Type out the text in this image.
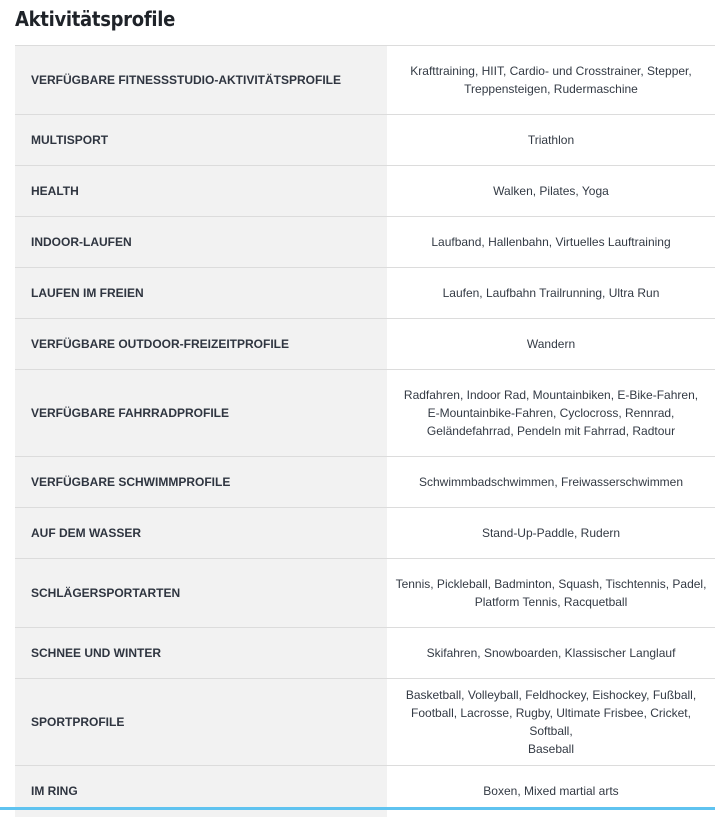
Aktivitätsprofile
VERFÜGBARE FITNESSSTUDIO-AKTIVITÄTSPROFILE	Krafttraining, HIIT, Cardio- und Crosstrainer, Stepper,
Treppensteigen, Rudermaschine

MULTISPORT	Triathlon

HEALTH	Walken, Pilates, Yoga

INDOOR-LAUFEN	Laufband, Hallenbahn, Virtuelles Lauftraining

LAUFEN IM FREIEN	Laufen, Laufbahn Trailrunning, Ultra Run

VERFÜGBARE OUTDOOR-FREIZEITPROFILE	Wandern

VERFÜGBARE FAHRRADPROFILE	Radfahren, Indoor Rad, Mountainbiken, E-Bike-Fahren,
E-Mountainbike-Fahren, Cyclocross, Rennrad,
Geländefahrrad, Pendeln mit Fahrrad, Radtour

VERFÜGBARE SCHWIMMPROFILE	Schwimmbadschwimmen, Freiwasserschwimmen

AUF DEM WASSER	Stand-Up-Paddle, Rudern

SCHLÄGERSPORTARTEN	Tennis, Pickleball, Badminton, Squash, Tischtennis, Padel,
Platform Tennis, Racquetball

SCHNEE UND WINTER	Skifahren, Snowboarden, Klassischer Langlauf

SPORTPROFILE	Basketball, Volleyball, Feldhockey, Eishockey, Fußball,
Football, Lacrosse, Rugby, Ultimate Frisbee, Cricket, Softball,
Baseball

IM RING	Boxen, Mixed martial arts
